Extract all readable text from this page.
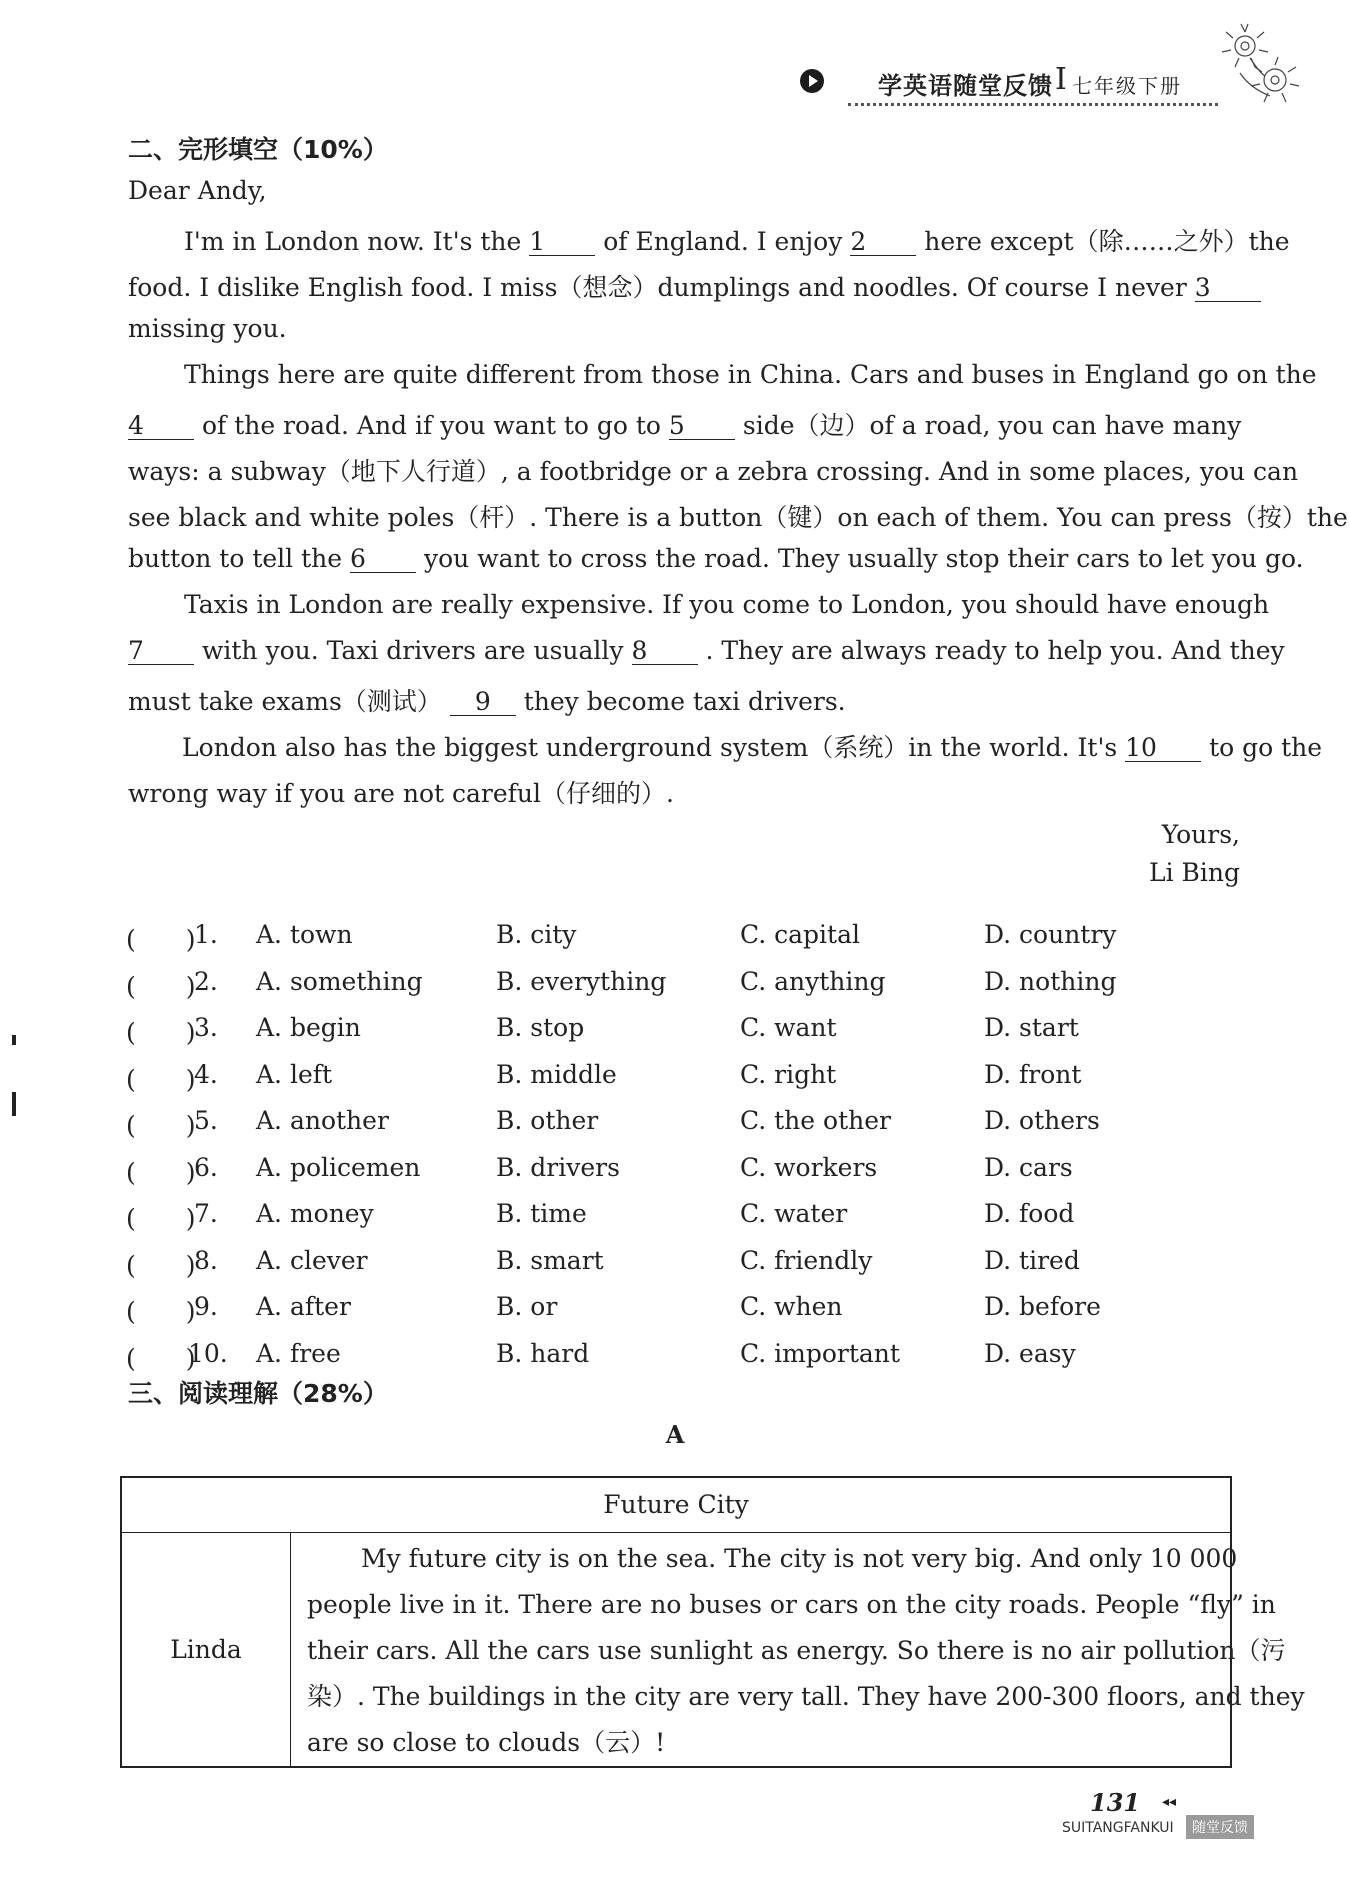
学英语随堂反馈 I 七年级下册
二、完形填空（10%）
Dear Andy,
I'm in London now. It's the 1 of England. I enjoy 2 here except（除……之外）the
food. I dislike English food. I miss（想念）dumplings and noodles. Of course I never 3
missing you.
Things here are quite different from those in China. Cars and buses in England go on the
4 of the road. And if you want to go to 5 side（边）of a road, you can have many
ways: a subway（地下人行道）, a footbridge or a zebra crossing. And in some places, you can
see black and white poles（杆）. There is a button（键）on each of them. You can press（按）the
button to tell the 6 you want to cross the road. They usually stop their cars to let you go.
Taxis in London are really expensive. If you come to London, you should have enough
7 with you. Taxi drivers are usually 8 . They are always ready to help you. And they
must take exams（测试） 9 they become taxi drivers.
London also has the biggest underground system（系统）in the world. It's 10 to go the
wrong way if you are not careful（仔细的）.
Yours,
Li Bing
(　　)
1. A. town	B. city	C. capital	D. country
(　　)
2. A. something	B. everything	C. anything	D. nothing
(　　)
3. A. begin	B. stop	C. want	D. start
(　　)
4. A. left	B. middle	C. right	D. front
(　　)
5. A. another	B. other	C. the other	D. others
(　　)
6. A. policemen	B. drivers	C. workers	D. cars
(　　)
7. A. money	B. time	C. water	D. food
(　　)
8. A. clever	B. smart	C. friendly	D. tired
(　　)
9. A. after	B. or	C. when	D. before
(　　)
10. A. free	B. hard	C. important	D. easy
三、阅读理解（28%）
A
Future City
Linda
My future city is on the sea. The city is not very big. And only 10 000
people live in it. There are no buses or cars on the city roads. People “fly” in
their cars. All the cars use sunlight as energy. So there is no air pollution（污
染）. The buildings in the city are very tall. They have 200-300 floors, and they
are so close to clouds（云）!
131 ◂◂
SUITANGFANKUI	随堂反馈
